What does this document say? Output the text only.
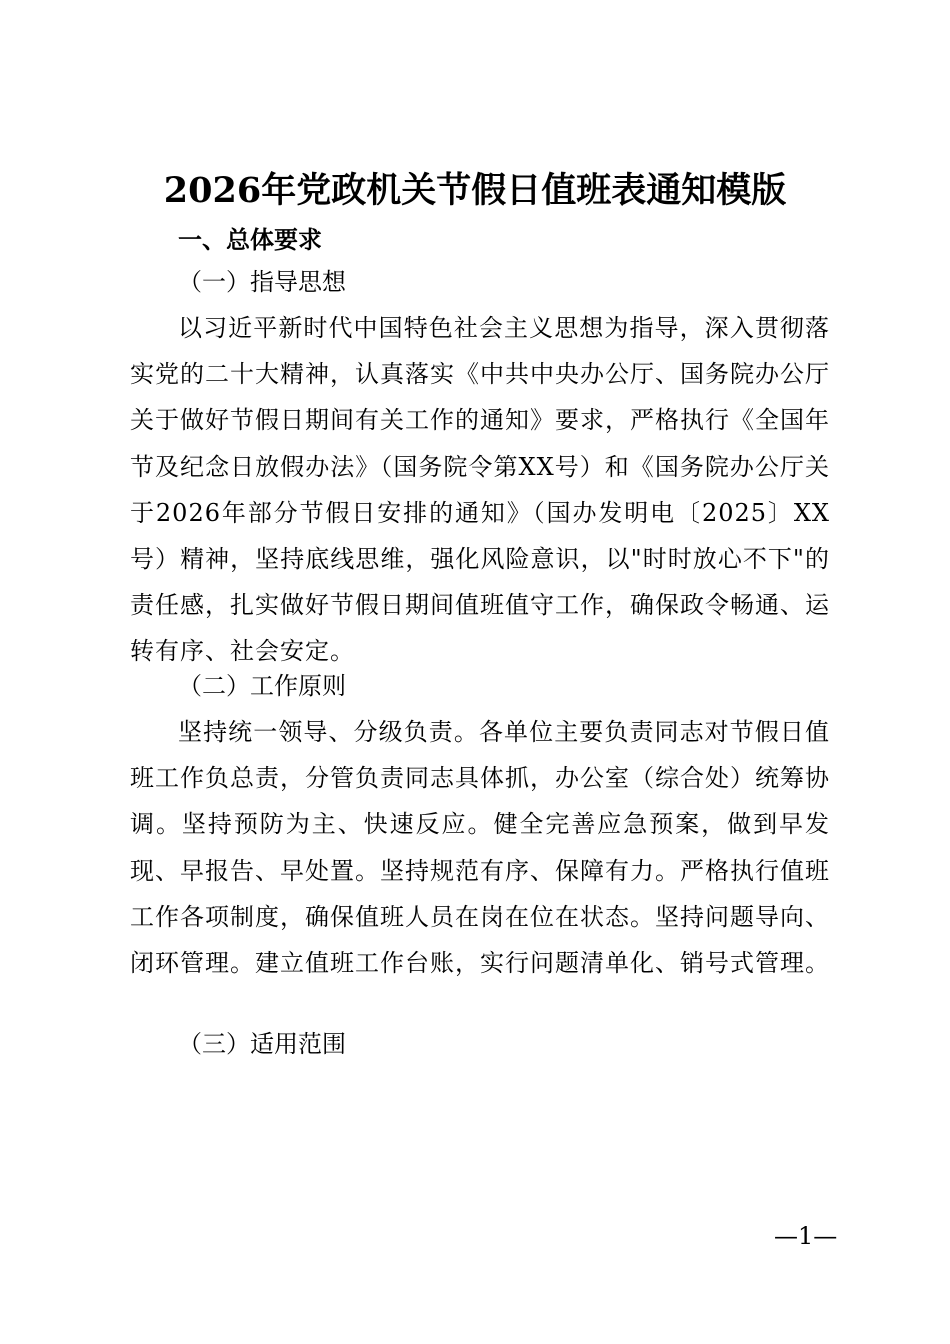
2026年党政机关节假日值班表通知模版
一、总体要求
（一）指导思想

以习近平新时代中国特色社会主义思想为指导，深入贯彻落实党的二十大精神，认真落实《中共中央办公厅、国务院办公厅关于做好节假日期间有关工作的通知》要求，严格执行《全国年节及纪念日放假办法》（国务院令第XX号）和《国务院办公厅关于2026年部分节假日安排的通知》（国办发明电〔2025〕XX号）精神，坚持底线思维，强化风险意识，以"时时放心不下"的责任感，扎实做好节假日期间值班值守工作，确保政令畅通、运转有序、社会安定。

（二）工作原则

坚持统一领导、分级负责。各单位主要负责同志对节假日值班工作负总责，分管负责同志具体抓，办公室（综合处）统筹协调。坚持预防为主、快速反应。健全完善应急预案，做到早发现、早报告、早处置。坚持规范有序、保障有力。严格执行值班工作各项制度，确保值班人员在岗在位在状态。坚持问题导向、闭环管理。建立值班工作台账，实行问题清单化、销号式管理。

（三）适用范围
—1—
